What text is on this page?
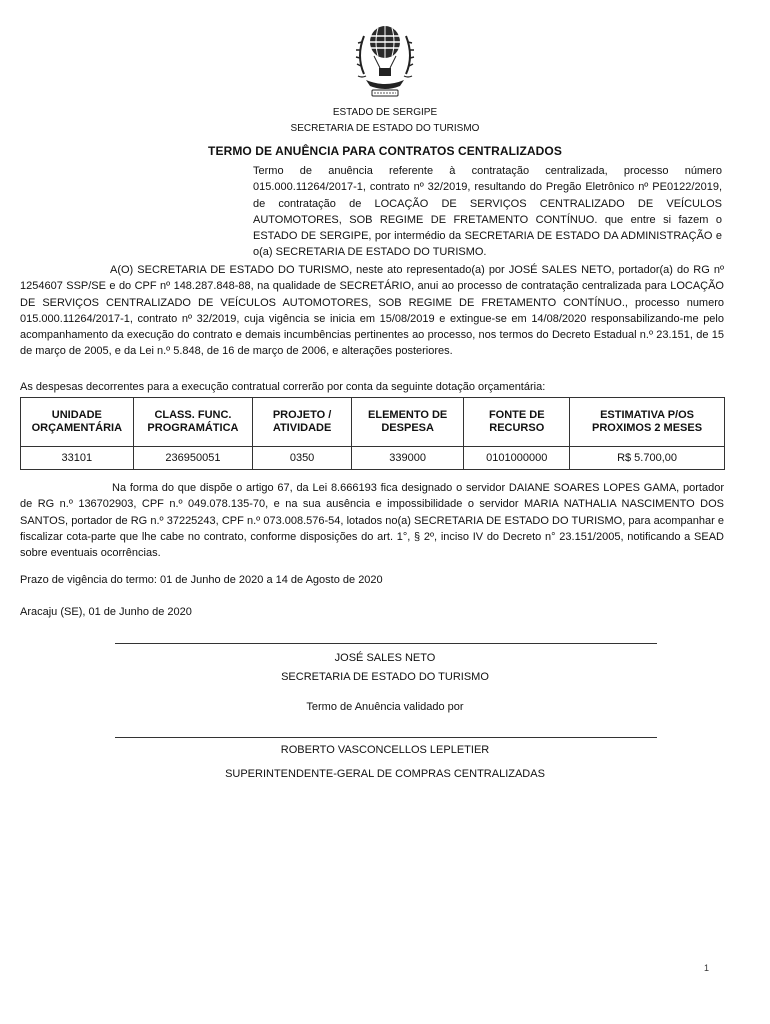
ESTADO DE SERGIPE
SECRETARIA DE ESTADO DO TURISMO
TERMO DE ANUÊNCIA PARA CONTRATOS CENTRALIZADOS
Termo de anuência referente à contratação centralizada, processo número 015.000.11264/2017-1, contrato nº 32/2019, resultando do Pregão Eletrônico nº PE0122/2019, de contratação de LOCAÇÃO DE SERVIÇOS CENTRALIZADO DE VEÍCULOS AUTOMOTORES, SOB REGIME DE FRETAMENTO CONTÍNUO. que entre si fazem o ESTADO DE SERGIPE, por intermédio da SECRETARIA DE ESTADO DA ADMINISTRAÇÃO e o(a) SECRETARIA DE ESTADO DO TURISMO.
A(O) SECRETARIA DE ESTADO DO TURISMO, neste ato representado(a) por JOSÉ SALES NETO, portador(a) do RG nº 1254607 SSP/SE e do CPF nº 148.287.848-88, na qualidade de SECRETÁRIO, anui ao processo de contratação centralizada para LOCAÇÃO DE SERVIÇOS CENTRALIZADO DE VEÍCULOS AUTOMOTORES, SOB REGIME DE FRETAMENTO CONTÍNUO., processo numero 015.000.11264/2017-1, contrato nº 32/2019, cuja vigência se inicia em 15/08/2019 e extingue-se em 14/08/2020 responsabilizando-me pelo acompanhamento da execução do contrato e demais incumbências pertinentes ao processo, nos termos do Decreto Estadual n.º 23.151, de 15 de março de 2005, e da Lei n.º 5.848, de 16 de março de 2006, e alterações posteriores.
As despesas decorrentes para a execução contratual correrão por conta da seguinte dotação orçamentária:
UNIDADE ORÇAMENTÁRIA	CLASS. FUNC. PROGRAMÁTICA	PROJETO / ATIVIDADE	ELEMENTO DE DESPESA	FONTE DE RECURSO	ESTIMATIVA P/OS PROXIMOS 2 MESES
33101	236950051	0350	339000	0101000000	R$ 5.700,00
Na forma do que dispõe o artigo 67, da Lei 8.666193 fica designado o servidor DAIANE SOARES LOPES GAMA, portador de RG n.º 136702903, CPF n.º 049.078.135-70, e na sua ausência e impossibilidade o servidor MARIA NATHALIA NASCIMENTO DOS SANTOS, portador de RG n.º 37225243, CPF n.º 073.008.576-54, lotados no(a) SECRETARIA DE ESTADO DO TURISMO, para acompanhar e fiscalizar cota-parte que lhe cabe no contrato, conforme disposições do art. 1°, § 2º, inciso IV do Decreto n° 23.151/2005, notificando a SEAD sobre eventuais ocorrências.
Prazo de vigência do termo: 01 de Junho de 2020 a 14 de Agosto de 2020
Aracaju (SE), 01 de Junho de 2020
JOSÉ SALES NETO
SECRETARIA DE ESTADO DO TURISMO
Termo de Anuência validado por
ROBERTO VASCONCELLOS LEPLETIER
SUPERINTENDENTE-GERAL DE COMPRAS CENTRALIZADAS
1
